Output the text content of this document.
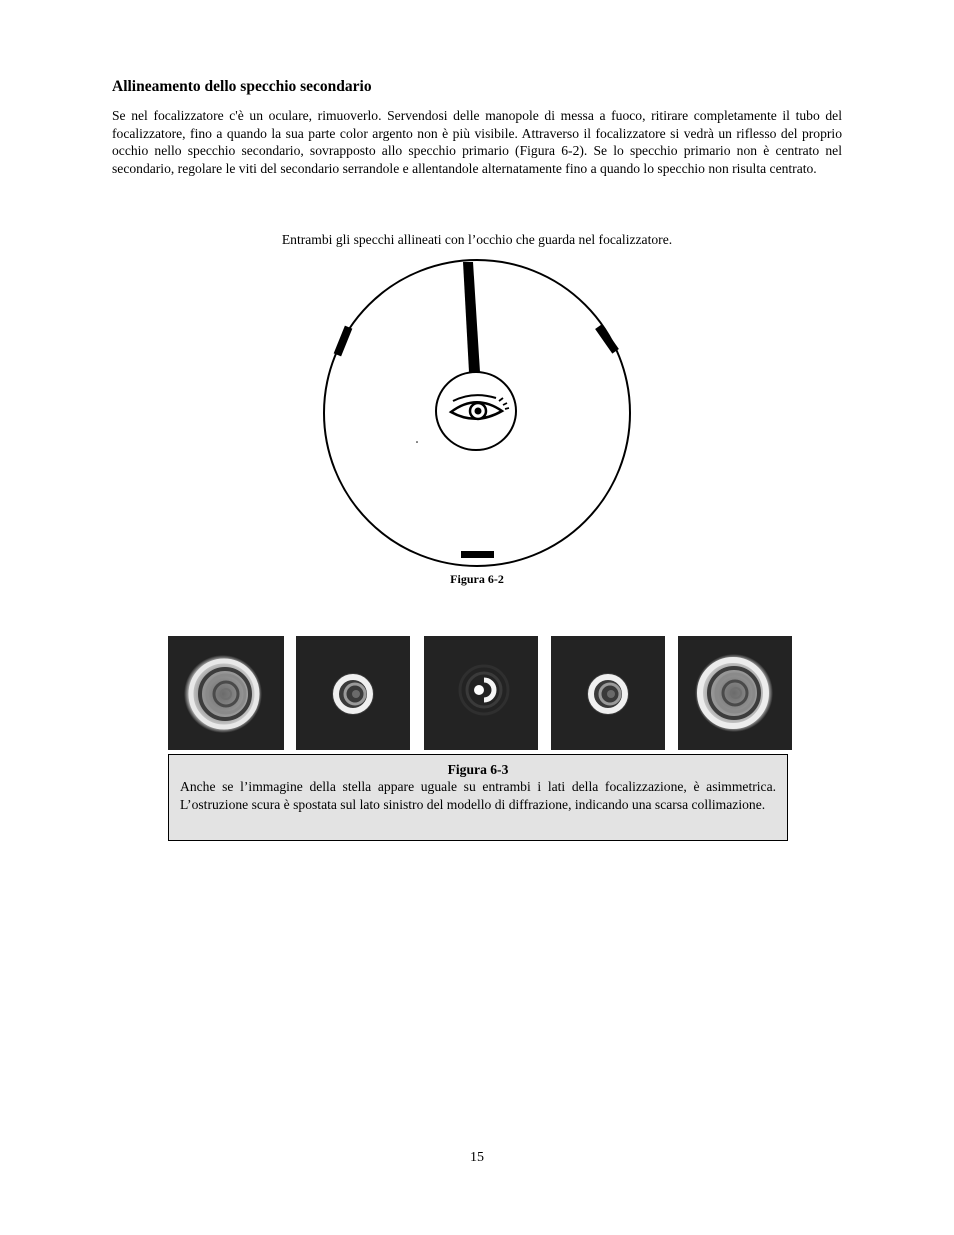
Allineamento dello specchio secondario

Se nel focalizzatore c'è un oculare, rimuoverlo. Servendosi delle manopole di messa a fuoco, ritirare completamente il tubo del focalizzatore, fino a quando la sua parte color argento non è più visibile. Attraverso il focalizzatore si vedrà un riflesso del proprio occhio nello specchio secondario, sovrapposto allo specchio primario (Figura 6-2). Se lo specchio primario non è centrato nel secondario, regolare le viti del secondario serrandole e allentandole alternatamente fino a quando lo specchio non risulta centrato.

Entrambi gli specchi allineati con l’occhio che guarda nel focalizzatore.

Figura 6-2

Figura 6-3

Anche se l’immagine della stella appare uguale su entrambi i lati della focalizzazione, è asimmetrica. L’ostruzione scura è spostata sul lato sinistro del modello di diffrazione, indicando una scarsa collimazione.

15
